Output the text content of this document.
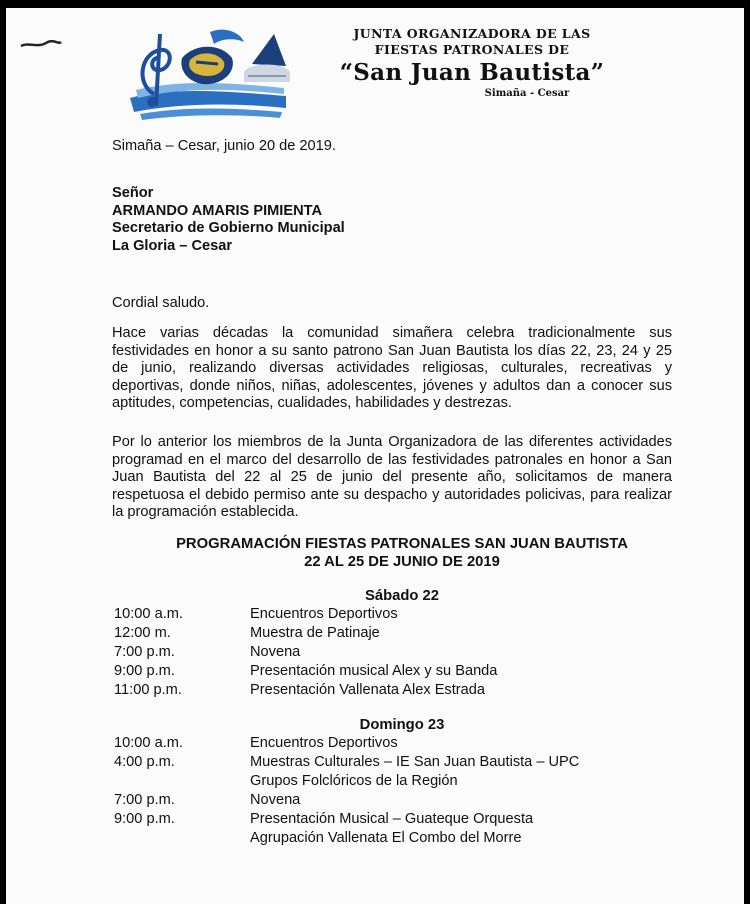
JUNTA ORGANIZADORA DE LAS
FIESTAS PATRONALES DE
“San Juan Bautista”
Simaña - Cesar
Simaña – Cesar, junio 20 de 2019.
Señor
ARMANDO AMARIS PIMIENTA
Secretario de Gobierno Municipal
La Gloria – Cesar
Cordial saludo.
Hace varias décadas la comunidad simañera celebra tradicionalmente sus festividades en honor a su santo patrono San Juan Bautista los días 22, 23, 24 y 25 de junio, realizando diversas actividades religiosas, culturales, recreativas y deportivas, donde niños, niñas, adolescentes, jóvenes y adultos dan a conocer sus aptitudes, competencias, cualidades, habilidades y destrezas.
Por lo anterior los miembros de la Junta Organizadora de las diferentes actividades programad en el marco del desarrollo de las festividades patronales en honor a San Juan Bautista del 22 al 25 de junio del presente año, solicitamos de manera respetuosa el debido permiso ante su despacho y autoridades policivas, para realizar la programación establecida.
PROGRAMACIÓN FIESTAS PATRONALES SAN JUAN BAUTISTA
22 AL 25 DE JUNIO DE 2019
Sábado 22
10:00 a.m.	Encuentros Deportivos
12:00 m.	Muestra de Patinaje
7:00 p.m.	Novena
9:00 p.m.	Presentación musical Alex y su Banda
11:00 p.m.	Presentación Vallenata Alex Estrada
Domingo 23
10:00 a.m.	Encuentros Deportivos
4:00 p.m.	Muestras Culturales – IE San Juan Bautista – UPC
Grupos Folclóricos de la Región
7:00 p.m.	Novena
9:00 p.m.	Presentación Musical – Guateque Orquesta
Agrupación Vallenata El Combo del Morre
